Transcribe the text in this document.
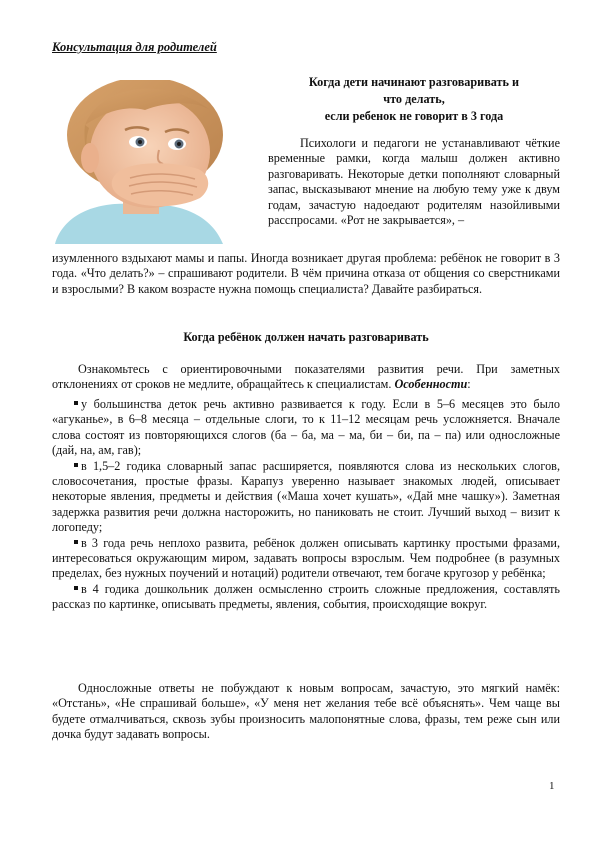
Консультация для родителей
Когда дети начинают разговаривать и
что делать,
если ребенок не говорит в 3 года
Психологи и педагоги не устанавливают чёткие временные рамки, когда малыш должен активно разговаривать. Некоторые детки пополняют словарный запас, высказывают мнение на любую тему уже к двум годам, зачастую надоедают родителям назойливыми расспросами. «Рот не закрывается», –
изумленного вздыхают мамы и папы. Иногда возникает другая проблема: ребёнок не говорит в 3 года. «Что делать?» – спрашивают родители. В чём причина отказа от общения со сверстниками и взрослыми? В каком возрасте нужна помощь специалиста? Давайте разбираться.
Когда ребёнок должен начать разговаривать
Ознакомьтесь с ориентировочными показателями развития речи. При заметных отклонениях от сроков не медлите, обращайтесь к специалистам. Особенности:

у большинства деток речь активно развивается к году. Если в 5–6 месяцев это было «агуканье», в 6–8 месяца – отдельные слоги, то к 11–12 месяцам речь усложняется. Вначале слова состоят из повторяющихся слогов (ба – ба, ма – ма, би – би, па – па) или односложные (дай, на, ам, гав);

в 1,5–2 годика словарный запас расширяется, появляются слова из нескольких слогов, словосочетания, простые фразы. Карапуз уверенно называет знакомых людей, описывает некоторые явления, предметы и действия («Маша хочет кушать», «Дай мне чашку»). Заметная задержка развития речи должна насторожить, но паниковать не стоит. Лучший выход – визит к логопеду;

в 3 года речь неплохо развита, ребёнок должен описывать картинку простыми фразами, интересоваться окружающим миром, задавать вопросы взрослым. Чем подробнее (в разумных пределах, без нужных поучений и нотаций) родители отвечают, тем богаче кругозор у ребёнка;

в 4 годика дошкольник должен осмысленно строить сложные предложения, составлять рассказ по картинке, описывать предметы, явления, события, происходящие вокруг.

Односложные ответы не побуждают к новым вопросам, зачастую, это мягкий намёк: «Отстань», «Не спрашивай больше», «У меня нет желания тебе всё объяснять». Чем чаще вы будете отмалчиваться, сквозь зубы произносить малопонятные слова, фразы, тем реже сын или дочка будут задавать вопросы.
1
